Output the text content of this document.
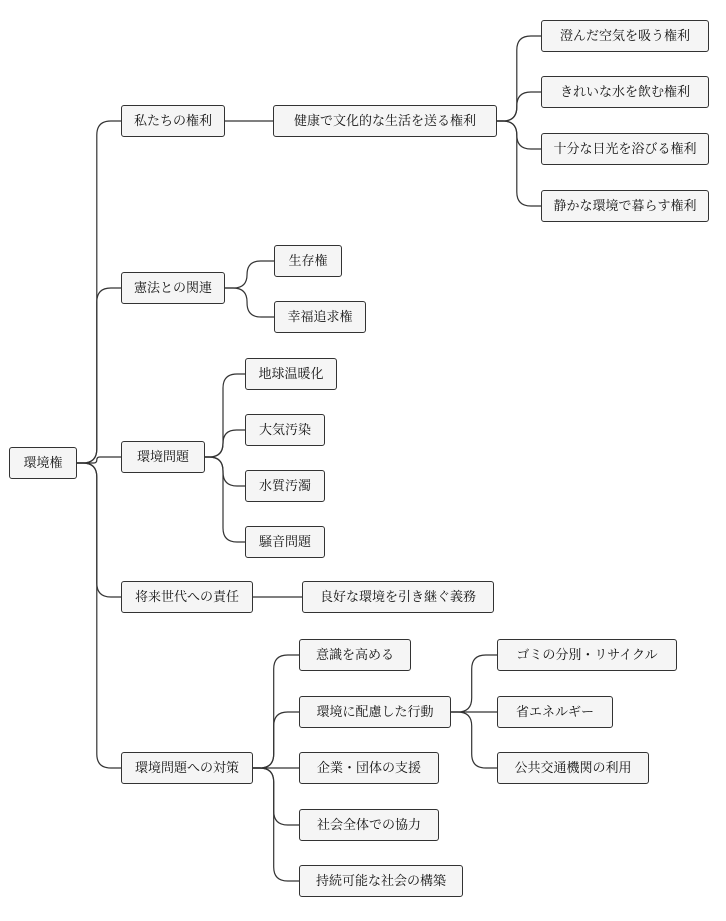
環境権
私たちの権利	健康で文化的な生活を送る権利
澄んだ空気を吸う権利
きれいな水を飲む権利
十分な日光を浴びる権利
静かな環境で暮らす権利
憲法との関連
生存権
幸福追求権
環境問題
地球温暖化
大気汚染
水質汚濁
騒音問題
将来世代への責任	良好な環境を引き継ぐ義務
環境問題への対策
意識を高める
環境に配慮した行動
企業・団体の支援
社会全体での協力
持続可能な社会の構築
ゴミの分別・リサイクル
省エネルギー
公共交通機関の利用
